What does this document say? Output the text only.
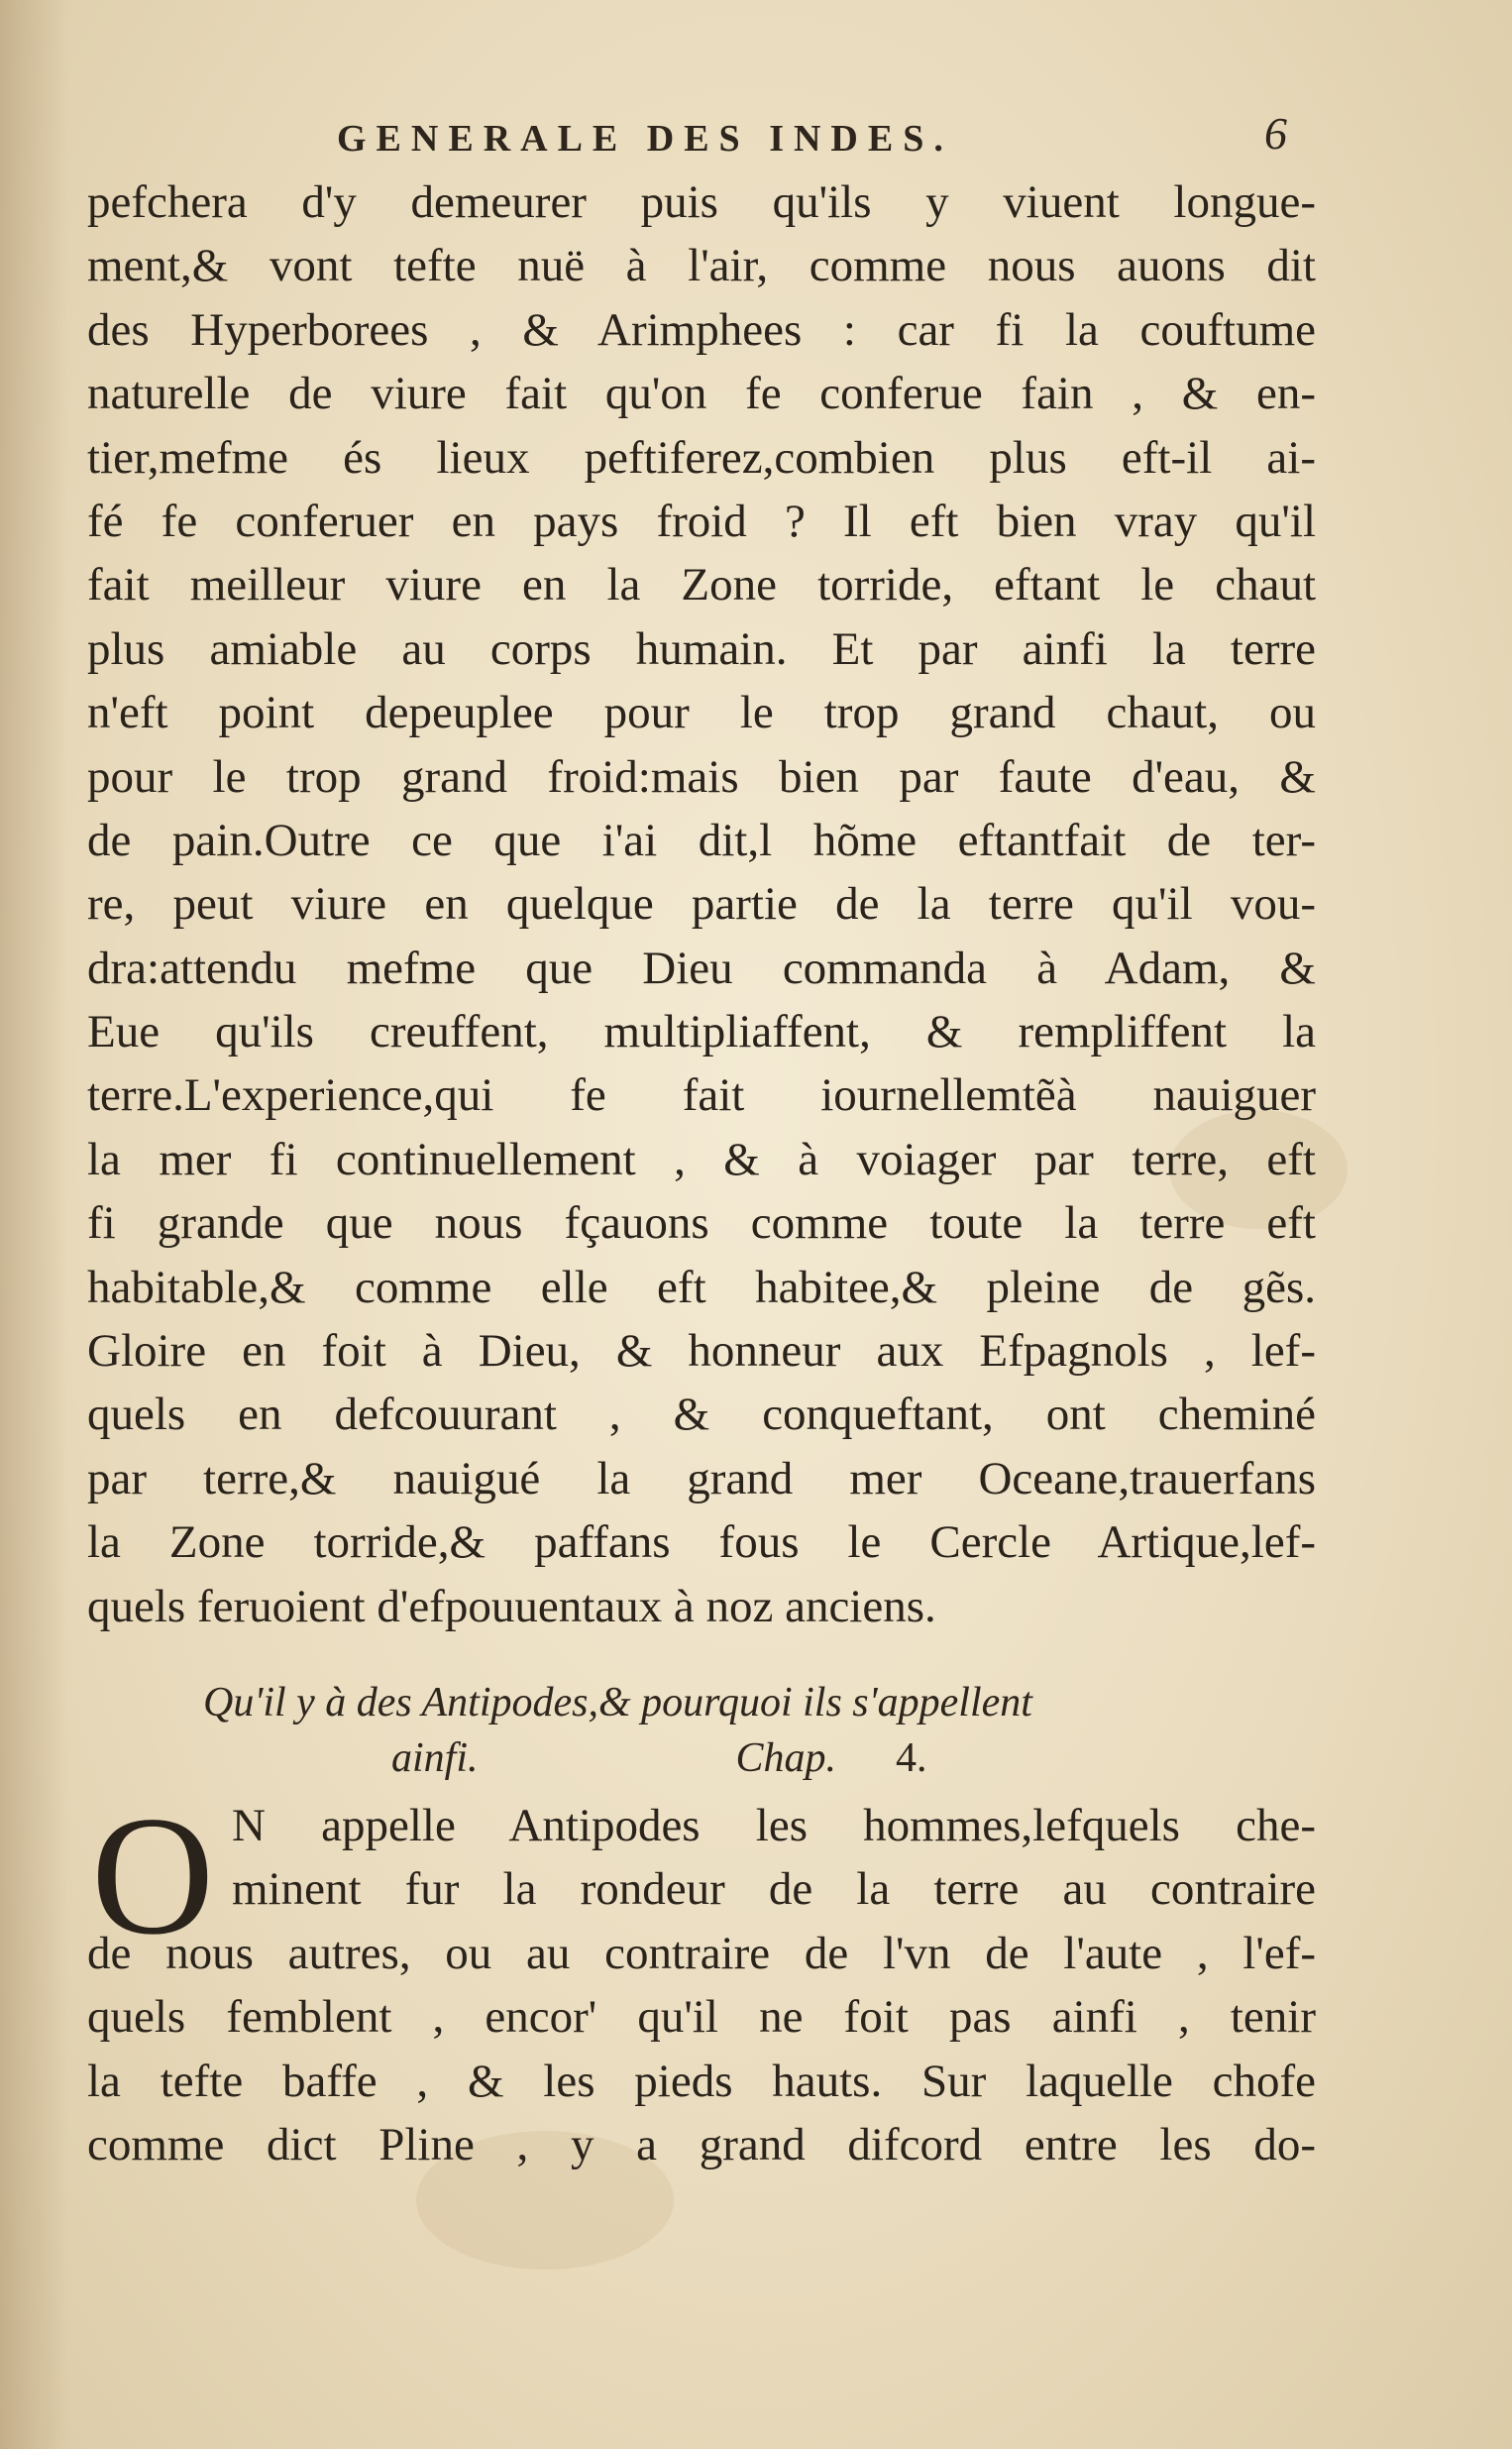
GENERALE DES INDES.	6
pefchera d'y demeurer puis qu'ils y viuent longue-
ment,& vont tefte nuë à l'air, comme nous auons dit
des Hyperborees , & Arimphees : car fi la couftume
naturelle de viure fait qu'on fe conferue fain , & en-
tier,mefme és lieux peftiferez,combien plus eft-il ai-
fé fe conferuer en pays froid ? Il eft bien vray qu'il
fait meilleur viure en la Zone torride, eftant le chaut
plus amiable au corps humain. Et par ainfi la terre
n'eft point depeuplee pour le trop grand chaut, ou
pour le trop grand froid:mais bien par faute d'eau, &
de pain.Outre ce que i'ai dit,l hõme eftantfait de ter-
re, peut viure en quelque partie de la terre qu'il vou-
dra:attendu mefme que Dieu commanda à Adam, &
Eue qu'ils creuffent, multipliaffent, & rempliffent la
terre.L'experience,qui fe fait iournellemtẽà nauiguer
la mer fi continuellement , & à voiager par terre, eft
fi grande que nous fçauons comme toute la terre eft
habitable,& comme elle eft habitee,& pleine de gẽs.
Gloire en foit à Dieu, & honneur aux Efpagnols , lef-
quels en defcouurant , & conqueftant, ont cheminé
par terre,& nauigué la grand mer Oceane,trauerfans
la Zone torride,& paffans fous le Cercle Artique,lef-
quels feruoient d'efpouuentaux à noz anciens.
Qu'il y à des Antipodes,& pourquoi ils s'appellent
ainfi.	Chap. 4.
O N appelle Antipodes les hommes,lefquels che-
minent fur la rondeur de la terre au contraire
de nous autres, ou au contraire de l'vn de l'aute , l'ef-
quels femblent , encor' qu'il ne foit pas ainfi , tenir
la tefte baffe , & les pieds hauts. Sur laquelle chofe
comme dict Pline , y a grand difcord entre les do-
